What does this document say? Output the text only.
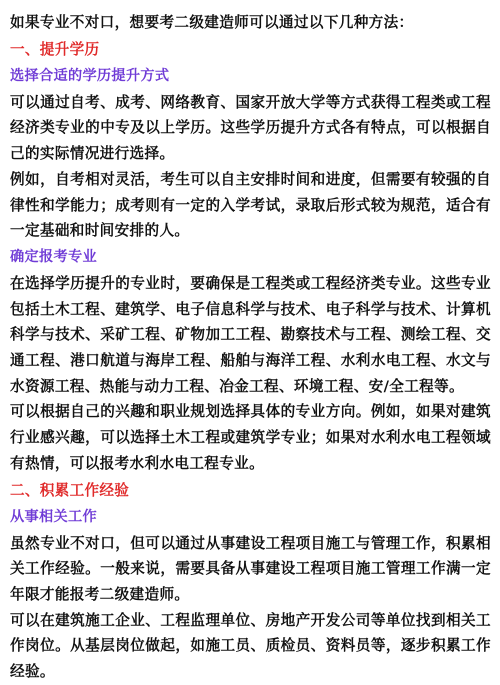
如果专业不对口，想要考二级建造师可以通过以下几种方法：

一、提升学历

选择合适的学历提升方式

可以通过自考、成考、网络教育、国家开放大学等方式获得工程类或工程经济类专业的中专及以上学历。这些学历提升方式各有特点，可以根据自己的实际情况进行选择。

例如，自考相对灵活，考生可以自主安排时间和进度，但需要有较强的自律性和学能力；成考则有一定的入学考试，录取后形式较为规范，适合有一定基础和时间安排的人。

确定报考专业

在选择学历提升的专业时，要确保是工程类或工程经济类专业。这些专业包括土木工程、建筑学、电子信息科学与技术、电子科学与技术、计算机科学与技术、采矿工程、矿物加工工程、勘察技术与工程、测绘工程、交通工程、港口航道与海岸工程、船舶与海洋工程、水利水电工程、水文与水资源工程、热能与动力工程、冶金工程、环境工程、安/全工程等。

可以根据自己的兴趣和职业规划选择具体的专业方向。例如，如果对建筑行业感兴趣，可以选择土木工程或建筑学专业；如果对水利水电工程领域有热情，可以报考水利水电工程专业。

二、积累工作经验

从事相关工作

虽然专业不对口，但可以通过从事建设工程项目施工与管理工作，积累相关工作经验。一般来说，需要具备从事建设工程项目施工管理工作满一定年限才能报考二级建造师。

可以在建筑施工企业、工程监理单位、房地产开发公司等单位找到相关工作岗位。从基层岗位做起，如施工员、质检员、资料员等，逐步积累工作经验。
